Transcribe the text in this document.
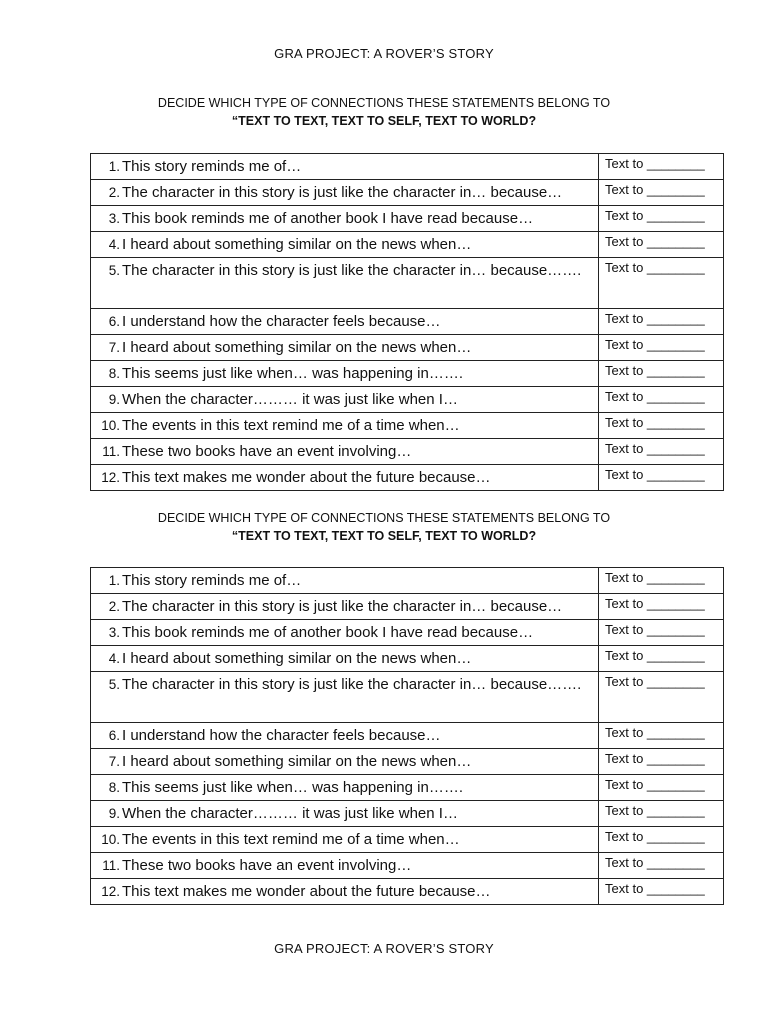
GRA PROJECT: A ROVER’S STORY
DECIDE WHICH TYPE OF CONNECTIONS THESE STATEMENTS BELONG TO
“TEXT TO TEXT, TEXT TO SELF, TEXT TO WORLD?
1. This story reminds me of…	Text to ________

2. The character in this story is just like the character in… because…	Text to ________

3. This book reminds me of another book I have read because…	Text to ________

4. I heard about something similar on the news when…	Text to ________

5. The character in this story is just like the character in… because…….	Text to ________

6. I understand how the character feels because…	Text to ________

7. I heard about something similar on the news when…	Text to ________

8. This seems just like when… was happening in…….	Text to ________

9. When the character……… it was just like when I…	Text to ________

10. The events in this text remind me of a time when…	Text to ________

11. These two books have an event involving…	Text to ________

12. This text makes me wonder about the future because…	Text to ________
DECIDE WHICH TYPE OF CONNECTIONS THESE STATEMENTS BELONG TO
“TEXT TO TEXT, TEXT TO SELF, TEXT TO WORLD?
1. This story reminds me of…	Text to ________

2. The character in this story is just like the character in… because…	Text to ________

3. This book reminds me of another book I have read because…	Text to ________

4. I heard about something similar on the news when…	Text to ________

5. The character in this story is just like the character in… because…….	Text to ________

6. I understand how the character feels because…	Text to ________

7. I heard about something similar on the news when…	Text to ________

8. This seems just like when… was happening in…….	Text to ________

9. When the character……… it was just like when I…	Text to ________

10. The events in this text remind me of a time when…	Text to ________

11. These two books have an event involving…	Text to ________

12. This text makes me wonder about the future because…	Text to ________
GRA PROJECT: A ROVER’S STORY
